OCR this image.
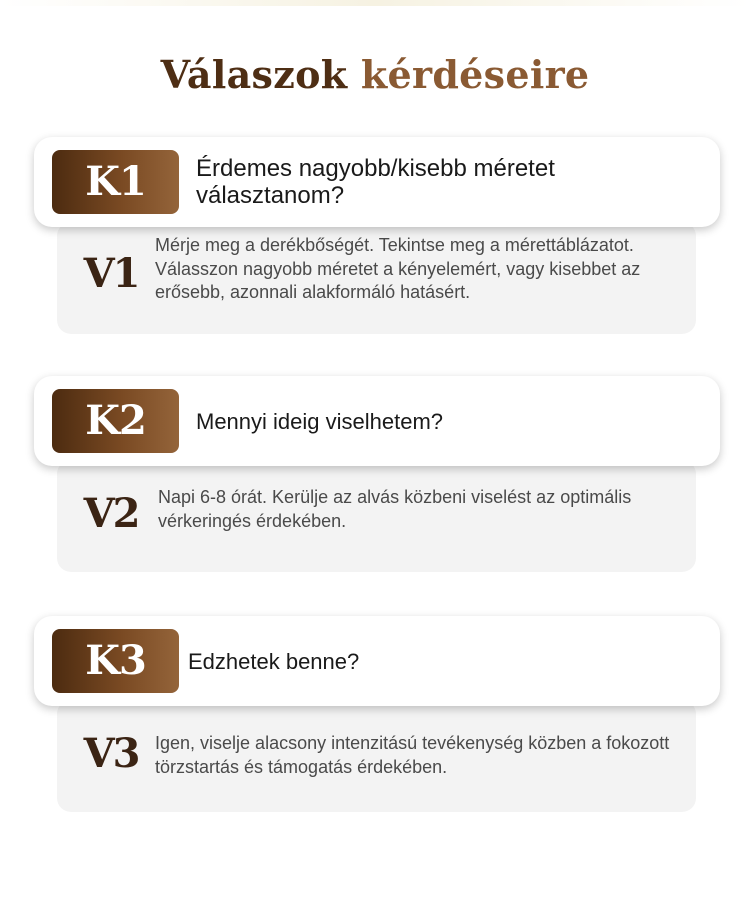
Válaszok kérdéseire
V1
Mérje meg a derékbőségét. Tekintse meg a mérettáblázatot. Válasszon nagyobb méretet a kényelemért, vagy kisebbet az erősebb, azonnali alakformáló hatásért.
K1	Érdemes nagyobb/kisebb méretet választanom?
V2	Napi 6-8 órát. Kerülje az alvás közbeni viselést az optimális vérkeringés érdekében.
K2	Mennyi ideig viselhetem?
V3 Igen, viselje alacsony intenzitású tevékenység közben a fokozott törzstartás és támogatás érdekében.
K3	Edzhetek benne?
